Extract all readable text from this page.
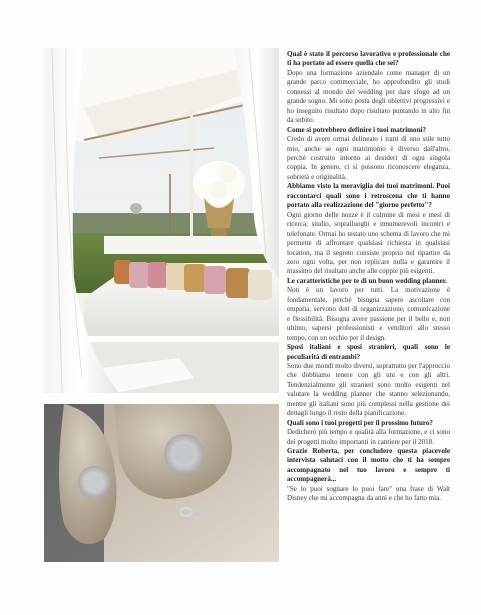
Qual è stato il percorso lavorativo e professionale che ti ha portato ad essere quella che sei?

Dopo una formazione aziendale come manager di un grande parco commerciale, ho approfondito gli studi connessi al mondo del wedding per dare sfogo ad un grande sogno. Mi sono posta degli obiettivi progressivi e ho inseguito risultato dopo risultato puntando in alto fin da subito.

Come si potrebbero definire i tuoi matrimoni?

Credo di avere ormai delineato i tratti di uno stile tutto mio, anche se ogni matrimonio è diverso dall'altro, perché costruito intorno ai desideri di ogni singola coppia. In genere, ci si possono riconoscere eleganza, sobrietà e originalità.

Abbiamo visto la meraviglia dei tuoi matrimoni. Puoi raccontarci quali sono i retroscena che ti hanno portato alla realizzazione del "giorno perfetto"?

Ogni giorno delle nozze è il culmine di mesi e mesi di ricerca, studio, sopralluoghi e innumerevoli incontri e telefonate. Ormai ho testato uno schema di lavoro che mi permette di affrontare qualsiasi richiesta in qualsiasi location, ma il segreto consiste proprio nel ripartire da zero ogni volta, per non replicare nulla e garantire il massimo del risultato anche alle coppie più esigenti.

Le caratteristiche per te di un buon wedding planner.

Non è un lavoro per tutti. La motivazione è fondamentale, perché bisogna sapere ascoltare con empatia, servono doti di organizzazione, comunicazione e flessibilità. Bisogna avere passione per il bello e, non ultimo, sapersi professionisti e venditori allo stesso tempo, con un occhio per il design.

Sposi italiani e sposi stranieri, quali sono le peculiarità di entrambi?

Sono due mondi molto diversi, soprattutto per l'approccio che dobbiamo tenere con gli uni e con gli altri. Tendenzialmente gli stranieri sono molto esigenti nel valutare la wedding planner che stanno selezionando, mentre gli italiani sono più complessi nella gestione dei dettagli lungo il resto della pianificazione.

Quali sono i tuoi progetti per il prossimo futuro?

Dedicherò più tempo e qualità alla formazione, e ci sono dei progetti molto importanti in cantiere per il 2018.

Grazie Roberta, per concludere questa piacevole intervista salutaci con il motto che ti ha sempre accompagnato nel tuo lavoro e sempre ti accompagnerà...

"Se lo puoi sognare lo puoi fare" una frase di Walt Disney che mi accompagna da anni e che ho fatto mia.
